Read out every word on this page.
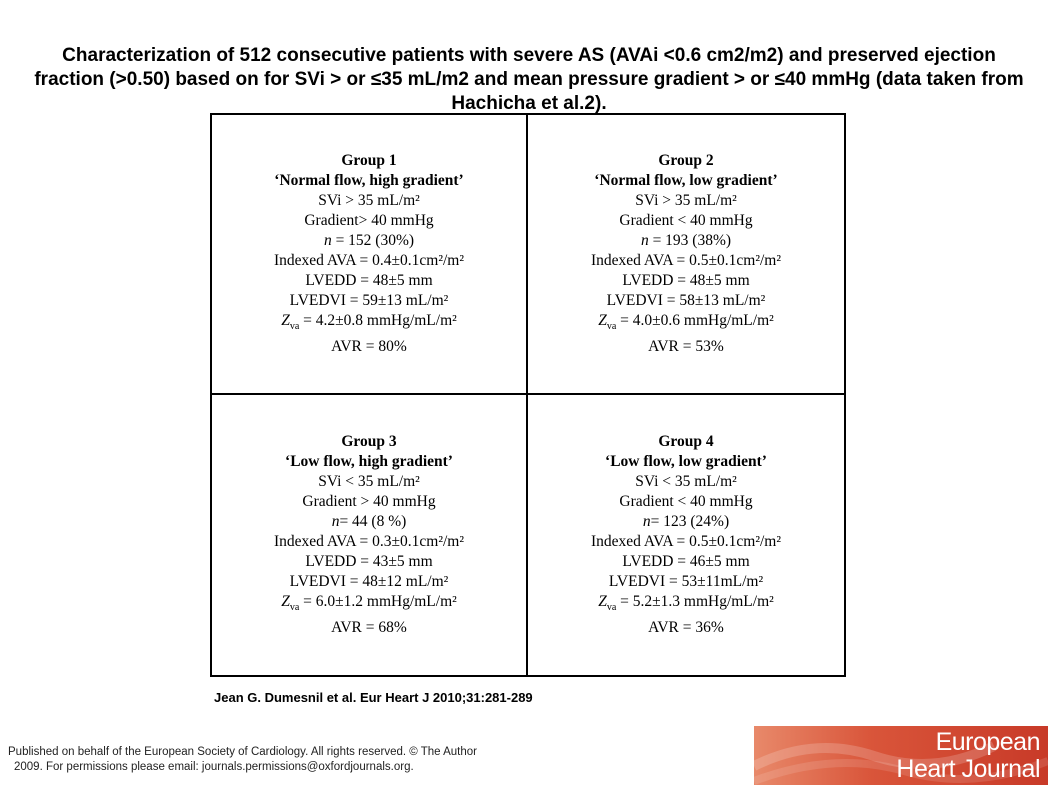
Characterization of 512 consecutive patients with severe AS (AVAi <0.6 cm2/m2) and preserved ejection fraction (>0.50) based on for SVi > or ≤35 mL/m2 and mean pressure gradient > or ≤40 mmHg (data taken from Hachicha et al.2).
Group 1
‘Normal flow, high gradient’
SVi > 35 mL/m²
Gradient> 40 mmHg
n = 152 (30%)
Indexed AVA = 0.4±0.1cm²/m²
LVEDD = 48±5 mm
LVEDVI = 59±13 mL/m²
$Z_{va} = 4.2\pm 0.8$ mmHg/mL/m²
AVR = 80%
Group 2
‘Normal flow, low gradient’
SVi > 35 mL/m²
Gradient < 40 mmHg
n = 193 (38%)
Indexed AVA = 0.5±0.1cm²/m²
LVEDD = 48±5 mm
LVEDVI = 58±13 mL/m²
$Z_{va} = 4.0\pm 0.6$ mmHg/mL/m²
AVR = 53%
Group 3
‘Low flow, high gradient’
SVi < 35 mL/m²
Gradient > 40 mmHg
n= 44 (8 %)
Indexed AVA = 0.3±0.1cm²/m²
LVEDD = 43±5 mm
LVEDVI = 48±12 mL/m²
$Z_{va} = 6.0\pm 1.2$ mmHg/mL/m²
AVR = 68%
Group 4
‘Low flow, low gradient’
SVi < 35 mL/m²
Gradient < 40 mmHg
n= 123 (24%)
Indexed AVA = 0.5±0.1cm²/m²
LVEDD = 46±5 mm
LVEDVI = 53±11mL/m²
$Z_{va} = 5.2\pm 1.3$ mmHg/mL/m²
AVR = 36%
Jean G. Dumesnil et al. Eur Heart J 2010;31:281-289
Published on behalf of the European Society of Cardiology. All rights reserved. © The Author
2009. For permissions please email: journals.permissions@oxfordjournals.org.
European
Heart Journal
